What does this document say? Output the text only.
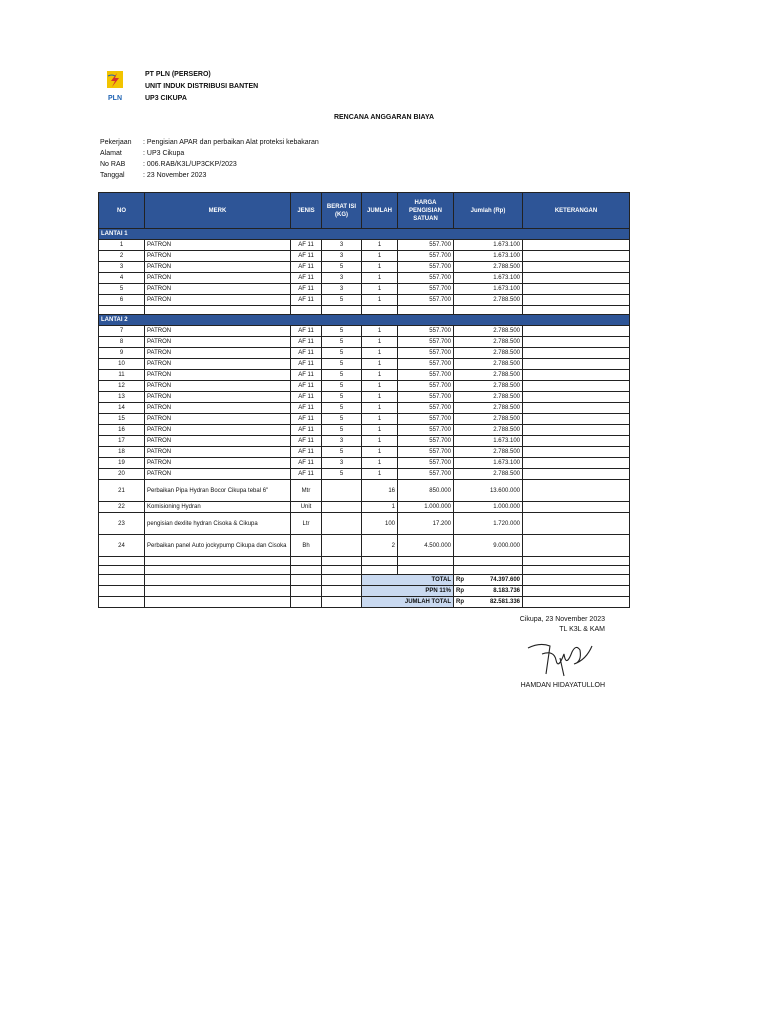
PLN
PT PLN (PERSERO)
UNIT INDUK DISTRIBUSI BANTEN
UP3 CIKUPA
RENCANA ANGGARAN BIAYA
Pekerjaan : Pengisian APAR dan perbaikan Alat proteksi kebakaran
Alamat	: UP3 Cikupa
No RAB	: 006.RAB/K3L/UP3CKP/2023
Tanggal	: 23 November 2023
NO	MERK	JENIS	BERAT ISI (KG)	JUMLAH	HARGA PENGISIAN SATUAN	Jumlah (Rp)	KETERANGAN
LANTAI 1							
1	PATRON	AF 11	3	1	557.700	1.673.100	
2	PATRON	AF 11	3	1	557.700	1.673.100	
3	PATRON	AF 11	5	1	557.700	2.788.500	
4	PATRON	AF 11	3	1	557.700	1.673.100	
5	PATRON	AF 11	3	1	557.700	1.673.100	
6	PATRON	AF 11	5	1	557.700	2.788.500	

LANTAI 2							
7	PATRON	AF 11	5	1	557.700	2.788.500	
8	PATRON	AF 11	5	1	557.700	2.788.500	
9	PATRON	AF 11	5	1	557.700	2.788.500	
10	PATRON	AF 11	5	1	557.700	2.788.500	
11	PATRON	AF 11	5	1	557.700	2.788.500	
12	PATRON	AF 11	5	1	557.700	2.788.500	
13	PATRON	AF 11	5	1	557.700	2.788.500	
14	PATRON	AF 11	5	1	557.700	2.788.500	
15	PATRON	AF 11	5	1	557.700	2.788.500	
16	PATRON	AF 11	5	1	557.700	2.788.500	
17	PATRON	AF 11	3	1	557.700	1.673.100	
18	PATRON	AF 11	5	1	557.700	2.788.500	
19	PATRON	AF 11	3	1	557.700	1.673.100	
20	PATRON	AF 11	5	1	557.700	2.788.500	
21	Perbaikan Pipa Hydran Bocor Cikupa tebal 6"	Mtr		16	850.000	13.600.000	
22	Komisioning Hydran	Unit		1	1.000.000	1.000.000	
23	pengisian dexlite hydran Cisoka & Cikupa	Ltr		100	17.200	1.720.000	
24	Perbaikan panel Auto jockypump Cikupa dan Cisoka	Bh		2	4.500.000	9.000.000	

				TOTAL		Rp 74.397.600	

				PPN 11%		Rp 8.183.736	

				JUMLAH TOTAL		Rp 82.581.336	

Cikupa, 23 November 2023
TL K3L & KAM
HAMDAN HIDAYATULLOH
